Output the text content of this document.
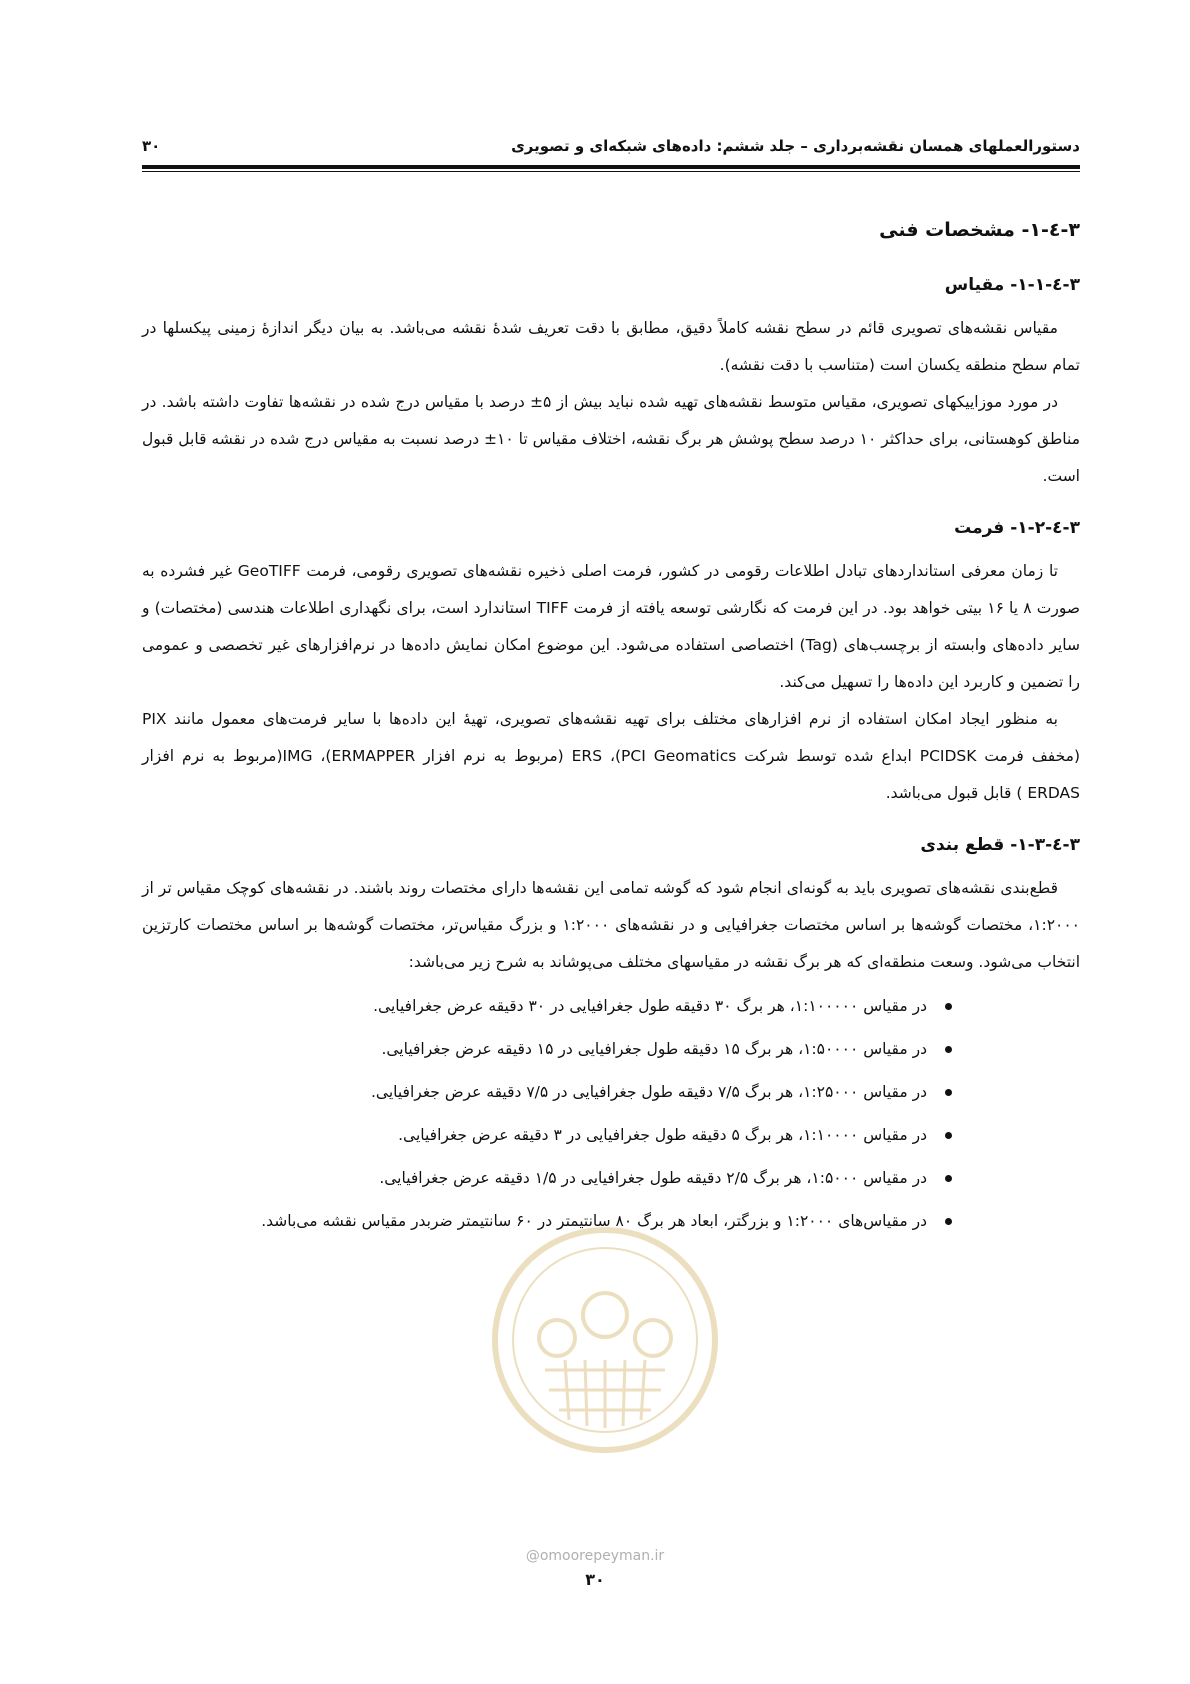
دستورالعملهای همسان نقشه‌برداری – جلد ششم: داده‌های شبکه‌ای و تصویری
۳۰
۳-٤-۱- مشخصات فنی
۳-٤-۱-۱- مقیاس

مقیاس نقشه‌های تصویری قائم در سطح نقشه کاملاً دقیق، مطابق با دقت تعریف شدهٔ نقشه می‌باشد. به بیان دیگر اندازهٔ زمینی پیکسلها در تمام سطح منطقه یکسان است (متناسب با دقت نقشه).

در مورد موزاییکهای تصویری، مقیاس متوسط نقشه‌های تهیه شده نباید بیش از ۵± درصد با مقیاس درج شده در نقشه‌ها تفاوت داشته باشد. در مناطق کوهستانی، برای حداکثر ۱۰ درصد سطح پوشش هر برگ نقشه، اختلاف مقیاس تا ۱۰± درصد نسبت به مقیاس درج شده در نقشه قابل قبول است.

۳-٤-۱-۲- فرمت

تا زمان معرفی استانداردهای تبادل اطلاعات رقومی در کشور، فرمت اصلی ذخیره نقشه‌های تصویری رقومی، فرمت GeoTIFF غیر فشرده به صورت ۸ یا ۱۶ بیتی خواهد بود. در این فرمت که نگارشی توسعه یافته از فرمت TIFF استاندارد است، برای نگهداری اطلاعات هندسی (مختصات) و سایر داده‌های وابسته از برچسب‌های (Tag) اختصاصی استفاده می‌شود. این موضوع امکان نمایش داده‌ها در نرم‌افزارهای غیر تخصصی و عمومی را تضمین و کاربرد این داده‌ها را تسهیل می‌کند.

به منظور ایجاد امکان استفاده از نرم افزارهای مختلف برای تهیه نقشه‌های تصویری، تهیهٔ این داده‌ها با سایر فرمت‌های معمول مانند PIX (مخفف فرمت PCIDSK ابداع شده توسط شرکت PCI Geomatics)، ERS (مربوط به نرم افزار ERMAPPER)، IMG(مربوط به نرم افزار ERDAS ) قابل قبول می‌باشد.

۳-٤-۱-۳- قطع بندی

قطع‌بندی نقشه‌های تصویری باید به گونه‌ای انجام شود که گوشه تمامی این نقشه‌ها دارای مختصات روند باشند. در نقشه‌های کوچک مقیاس تر از ۱:۲۰۰۰، مختصات گوشه‌ها بر اساس مختصات جغرافیایی و در نقشه‌های ۱:۲۰۰۰ و بزرگ مقیاس‌تر، مختصات گوشه‌ها بر اساس مختصات کارتزین انتخاب می‌شود. وسعت منطقه‌ای که هر برگ نقشه در مقیاسهای مختلف می‌پوشاند به شرح زیر می‌باشد:

در مقیاس ۱:۱۰۰۰۰۰، هر برگ ۳۰ دقیقه طول جغرافیایی در ۳۰ دقیقه عرض جغرافیایی.
در مقیاس ۱:۵۰۰۰۰، هر برگ ۱۵ دقیقه طول جغرافیایی در ۱۵ دقیقه عرض جغرافیایی.
در مقیاس ۱:۲۵۰۰۰، هر برگ ۷/۵ دقیقه طول جغرافیایی در ۷/۵ دقیقه عرض جغرافیایی.
در مقیاس ۱:۱۰۰۰۰، هر برگ ۵ دقیقه طول جغرافیایی در ۳ دقیقه عرض جغرافیایی.
در مقیاس ۱:۵۰۰۰، هر برگ ۲/۵ دقیقه طول جغرافیایی در ۱/۵ دقیقه عرض جغرافیایی.
در مقیاس‌های ۱:۲۰۰۰ و بزرگتر، ابعاد هر برگ ۸۰ سانتیمتر در ۶۰ سانتیمتر ضربدر مقیاس نقشه می‌باشد.
@omoorepeyman.ir
۳۰
